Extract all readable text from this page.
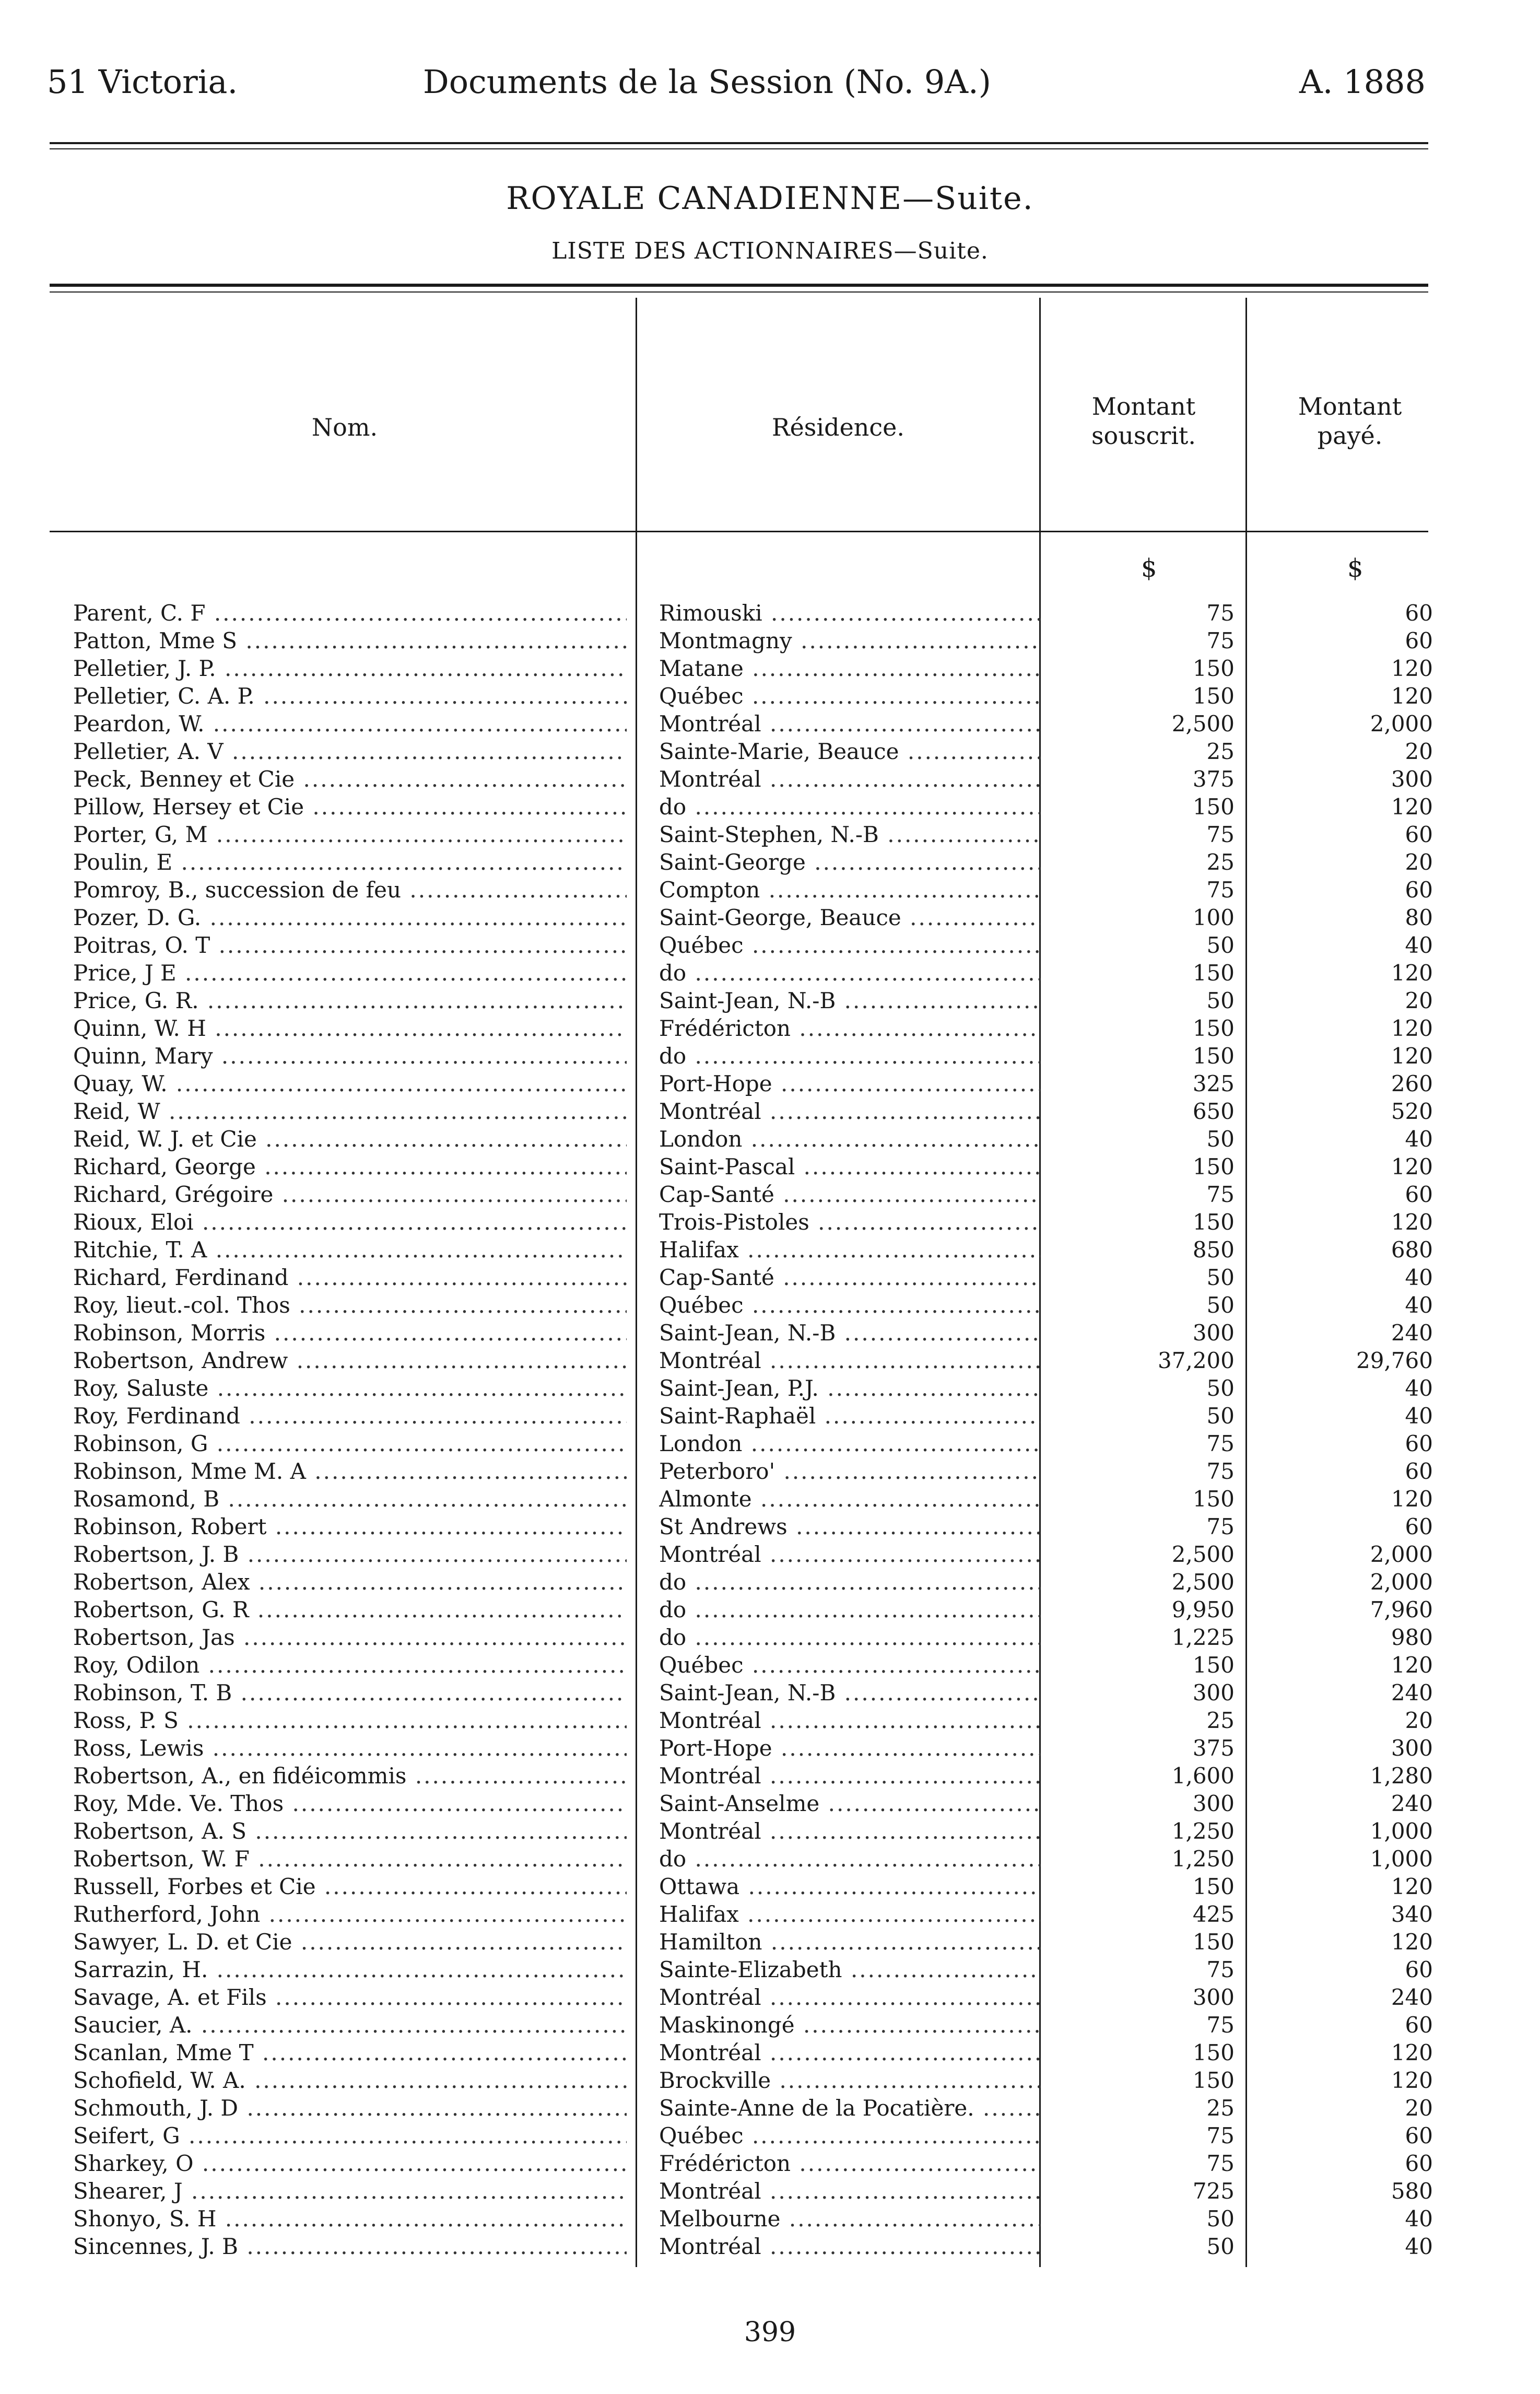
51 Victoria.	Documents de la Session (No. 9A.)	A. 1888
ROYALE CANADIENNE—Suite.
LISTE DES ACTIONNAIRES—Suite.
Nom.	Résidence.
Montant
souscrit.
Montant
payé.
$	$
Parent, C. F .....	Rimouski .....	75	60
Patton, Mme S .....	Montmagny .....	75	60
Pelletier, J. P. .....	Matane .....	150	120
Pelletier, C. A. P. .....	Québec .....	150	120
Peardon, W. .....	Montréal .....	2,500	2,000
Pelletier, A. V .....	Sainte-Marie, Beauce .....	25	20
Peck, Benney et Cie .....	Montréal .....	375	300
Pillow, Hersey et Cie .....	do .....	150	120
Porter, G, M .....	Saint-Stephen, N.-B .....	75	60
Poulin, E .....	Saint-George .....	25	20
Pomroy, B., succession de feu .....	Compton .....	75	60
Pozer, D. G. .....	Saint-George, Beauce .....	100	80
Poitras, O. T .....	Québec .....	50	40
Price, J E .....	do .....	150	120
Price, G. R. .....	Saint-Jean, N.-B .....	50	20
Quinn, W. H .....	Frédéricton .....	150	120
Quinn, Mary .....	do .....	150	120
Quay, W. .....	Port-Hope .....	325	260
Reid, W .....	Montréal .....	650	520
Reid, W. J. et Cie .....	London .....	50	40
Richard, George .....	Saint-Pascal .....	150	120
Richard, Grégoire .....	Cap-Santé .....	75	60
Rioux, Eloi .....	Trois-Pistoles .....	150	120
Ritchie, T. A .....	Halifax .....	850	680
Richard, Ferdinand .....	Cap-Santé .....	50	40
Roy, lieut.-col. Thos .....	Québec .....	50	40
Robinson, Morris .....	Saint-Jean, N.-B .....	300	240
Robertson, Andrew .....	Montréal .....	37,200	29,760
Roy, Saluste .....	Saint-Jean, P.J. .....	50	40
Roy, Ferdinand .....	Saint-Raphaël .....	50	40
Robinson, G .....	London .....	75	60
Robinson, Mme M. A .....	Peterboro' .....	75	60
Rosamond, B .....	Almonte .....	150	120
Robinson, Robert .....	St Andrews .....	75	60
Robertson, J. B .....	Montréal .....	2,500	2,000
Robertson, Alex .....	do .....	2,500	2,000
Robertson, G. R .....	do .....	9,950	7,960
Robertson, Jas .....	do .....	1,225	980
Roy, Odilon .....	Québec .....	150	120
Robinson, T. B .....	Saint-Jean, N.-B .....	300	240
Ross, P. S .....	Montréal .....	25	20
Ross, Lewis .....	Port-Hope .....	375	300
Robertson, A., en fidéicommis .....	Montréal .....	1,600	1,280
Roy, Mde. Ve. Thos .....	Saint-Anselme .....	300	240
Robertson, A. S .....	Montréal .....	1,250	1,000
Robertson, W. F .....	do .....	1,250	1,000
Russell, Forbes et Cie .....	Ottawa .....	150	120
Rutherford, John .....	Halifax .....	425	340
Sawyer, L. D. et Cie .....	Hamilton .....	150	120
Sarrazin, H. .....	Sainte-Elizabeth .....	75	60
Savage, A. et Fils .....	Montréal .....	300	240
Saucier, A. .....	Maskinongé .....	75	60
Scanlan, Mme T .....	Montréal .....	150	120
Schofield, W. A. .....	Brockville .....	150	120
Schmouth, J. D .....	Sainte-Anne de la Pocatière. .....	25	20
Seifert, G .....	Québec .....	75	60
Sharkey, O .....	Frédéricton .....	75	60
Shearer, J .....	Montréal .....	725	580
Shonyo, S. H .....	Melbourne .....	50	40
Sincennes, J. B .....	Montréal .....	50	40
399
